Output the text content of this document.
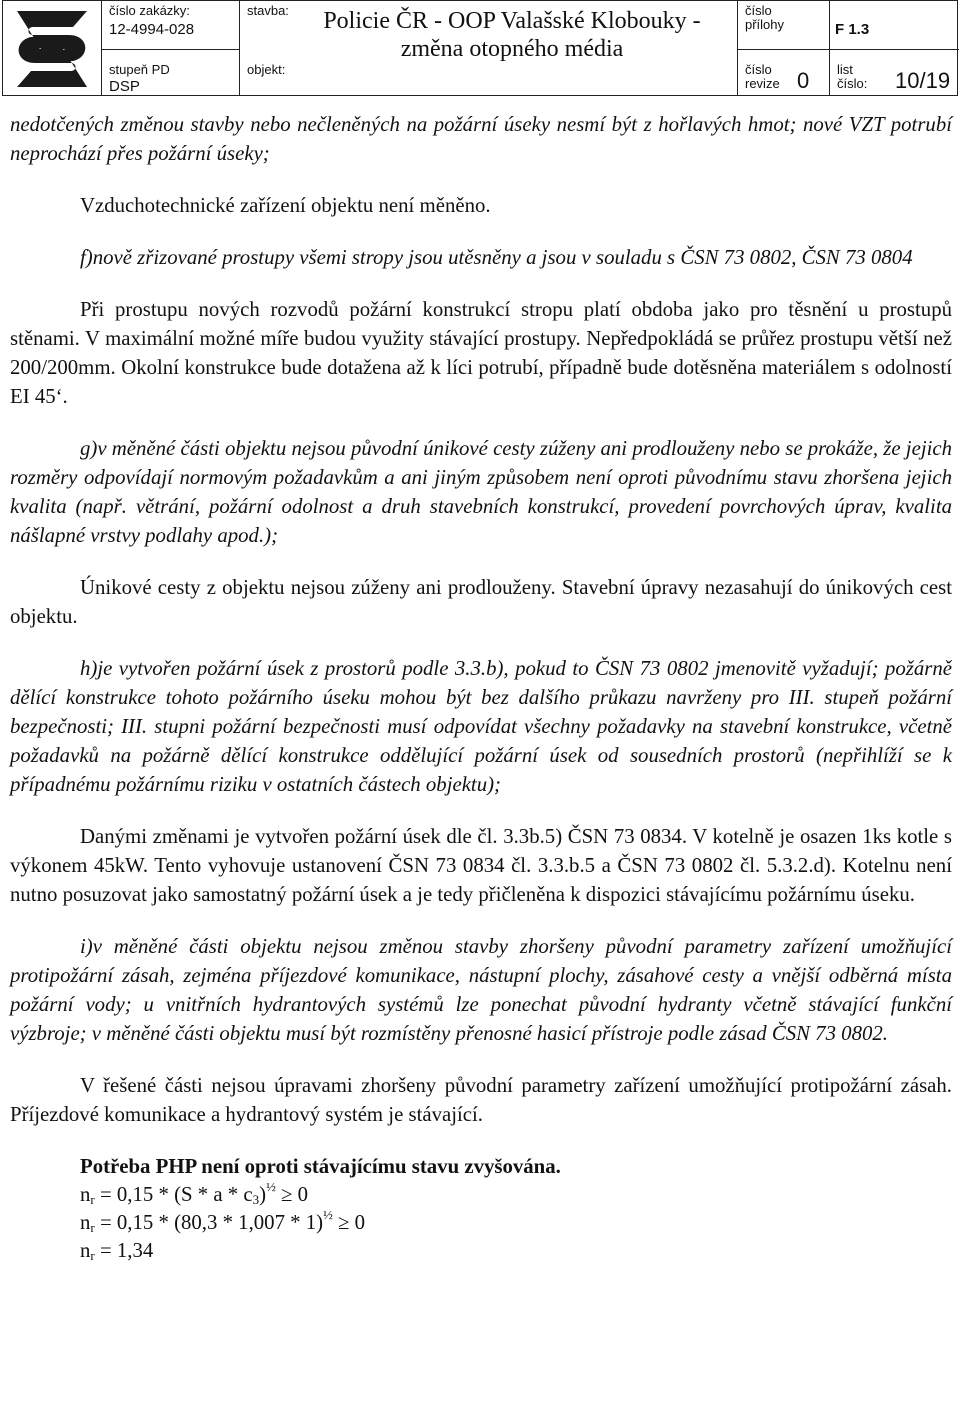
číslo zakázky:
12-4994-028
stupeň PD
DSP
stavba:
objekt:
Policie ČR - OOP Valašské Klobouky -
změna otopného média
číslo
přílohy	F 1.3
číslo
revize 0 list
číslo: 10/19

nedotčených změnou stavby nebo nečleněných na požární úseky nesmí být z hořlavých hmot; nové VZT potrubí neprochází přes požární úseky;

Vzduchotechnické zařízení objektu není měněno.

f)nově zřizované prostupy všemi stropy jsou utěsněny a jsou v souladu s ČSN 73 0802, ČSN 73 0804

Při prostupu nových rozvodů požární konstrukcí stropu platí obdoba jako pro těsnění u prostupů stěnami. V maximální možné míře budou využity stávající prostupy. Nepředpokládá se průřez prostupu větší než 200/200mm. Okolní konstrukce bude dotažena až k líci potrubí, případně bude dotěsněna materiálem s odolností EI 45‘.

g)v měněné části objektu nejsou původní únikové cesty zúženy ani prodlouženy nebo se prokáže, že jejich rozměry odpovídají normovým požadavkům a ani jiným způsobem není oproti původnímu stavu zhoršena jejich kvalita (např. větrání, požární odolnost a druh stavebních konstrukcí, provedení povrchových úprav, kvalita nášlapné vrstvy podlahy apod.);

Únikové cesty z objektu nejsou zúženy ani prodlouženy. Stavební úpravy nezasahují do únikových cest objektu.

h)je vytvořen požární úsek z prostorů podle 3.3.b), pokud to ČSN 73 0802 jmenovitě vyžadují; požárně dělící konstrukce tohoto požárního úseku mohou být bez dalšího průkazu navrženy pro III. stupeň požární bezpečnosti; III. stupni požární bezpečnosti musí odpovídat všechny požadavky na stavební konstrukce, včetně požadavků na požárně dělící konstrukce oddělující požární úsek od sousedních prostorů (nepřihlíží se k případnému požárnímu riziku v ostatních částech objektu);

Danými změnami je vytvořen požární úsek dle čl. 3.3b.5) ČSN 73 0834. V kotelně je osazen 1ks kotle s výkonem 45kW. Tento vyhovuje ustanovení ČSN 73 0834 čl. 3.3.b.5 a ČSN 73 0802 čl. 5.3.2.d). Kotelnu není nutno posuzovat jako samostatný požární úsek a je tedy přičleněna k dispozici stávajícímu požárnímu úseku.

i)v měněné části objektu nejsou změnou stavby zhoršeny původní parametry zařízení umožňující protipožární zásah, zejména příjezdové komunikace, nástupní plochy, zásahové cesty a vnější odběrná místa požární vody; u vnitřních hydrantových systémů lze ponechat původní hydranty včetně stávající funkční výzbroje; v měněné části objektu musí být rozmístěny přenosné hasicí přístroje podle zásad ČSN 73 0802.

V řešené části nejsou úpravami zhoršeny původní parametry zařízení umožňující protipožární zásah. Příjezdové komunikace a hydrantový systém je stávající.

Potřeba PHP není oproti stávajícímu stavu zvyšována.

$n_r = 0,15 * (S * a * c_3)^{\frac{1}{2}} \ge 0$

$n_r = 0,15 * (80,3 * 1,007 * 1)^{\frac{1}{2}} \ge 0$

$n_r = 1,34$
